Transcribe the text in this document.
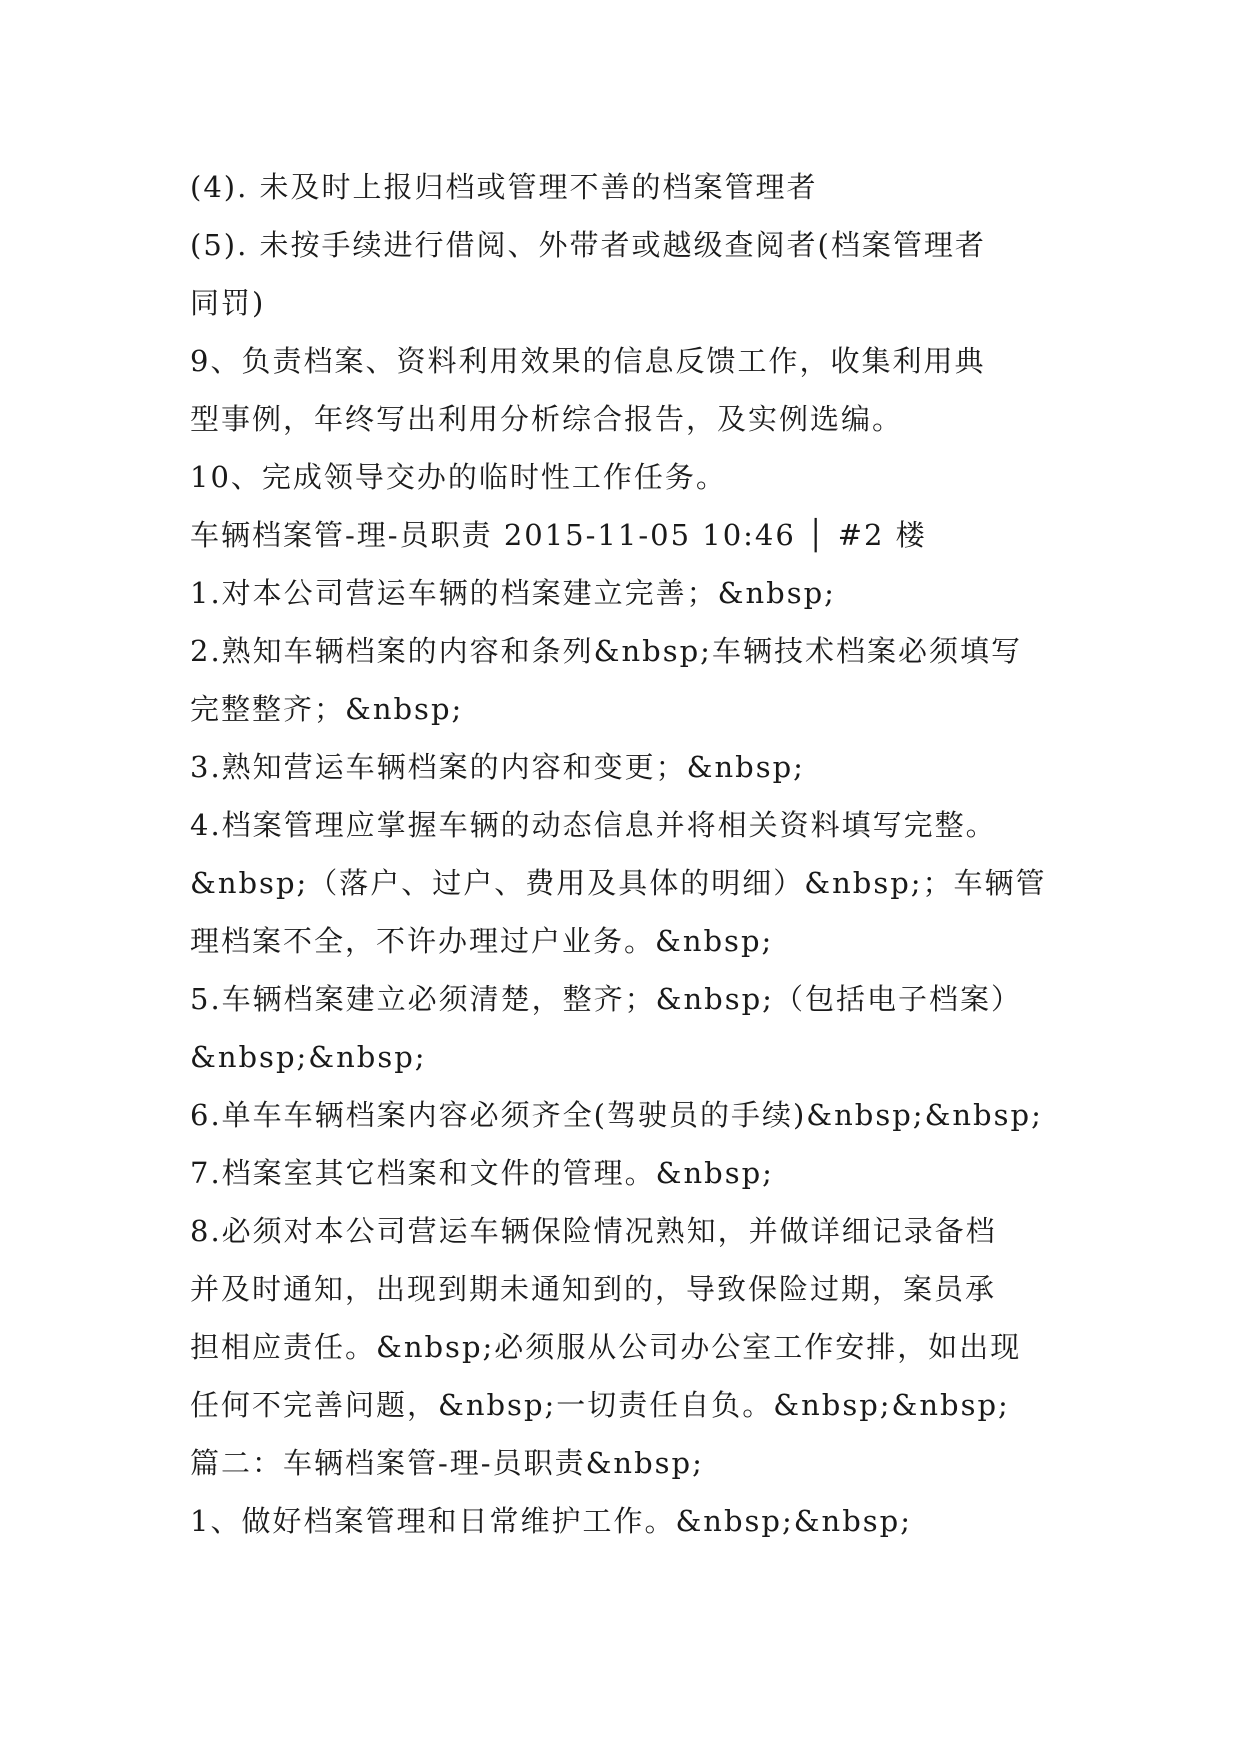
(4). 未及时上报归档或管理不善的档案管理者
(5). 未按手续进行借阅、外带者或越级查阅者(档案管理者
同罚)
9、负责档案、资料利用效果的信息反馈工作，收集利用典
型事例，年终写出利用分析综合报告，及实例选编。
10、完成领导交办的临时性工作任务。
车辆档案管-理-员职责 2015-11-05 10:46 │ #2 楼
1.对本公司营运车辆的档案建立完善；&nbsp;
2.熟知车辆档案的内容和条列&nbsp;车辆技术档案必须填写
完整整齐；&nbsp;
3.熟知营运车辆档案的内容和变更；&nbsp;
4.档案管理应掌握车辆的动态信息并将相关资料填写完整。
&nbsp;（落户、过户、费用及具体的明细）&nbsp;；车辆管
理档案不全，不许办理过户业务。&nbsp;
5.车辆档案建立必须清楚，整齐；&nbsp;（包括电子档案）
&nbsp;&nbsp;
6.单车车辆档案内容必须齐全(驾驶员的手续)&nbsp;&nbsp;
7.档案室其它档案和文件的管理。&nbsp;
8.必须对本公司营运车辆保险情况熟知，并做详细记录备档
并及时通知，出现到期未通知到的，导致保险过期，案员承
担相应责任。&nbsp;必须服从公司办公室工作安排，如出现
任何不完善问题，&nbsp;一切责任自负。&nbsp;&nbsp;
篇二：车辆档案管-理-员职责&nbsp;
1、做好档案管理和日常维护工作。&nbsp;&nbsp;
